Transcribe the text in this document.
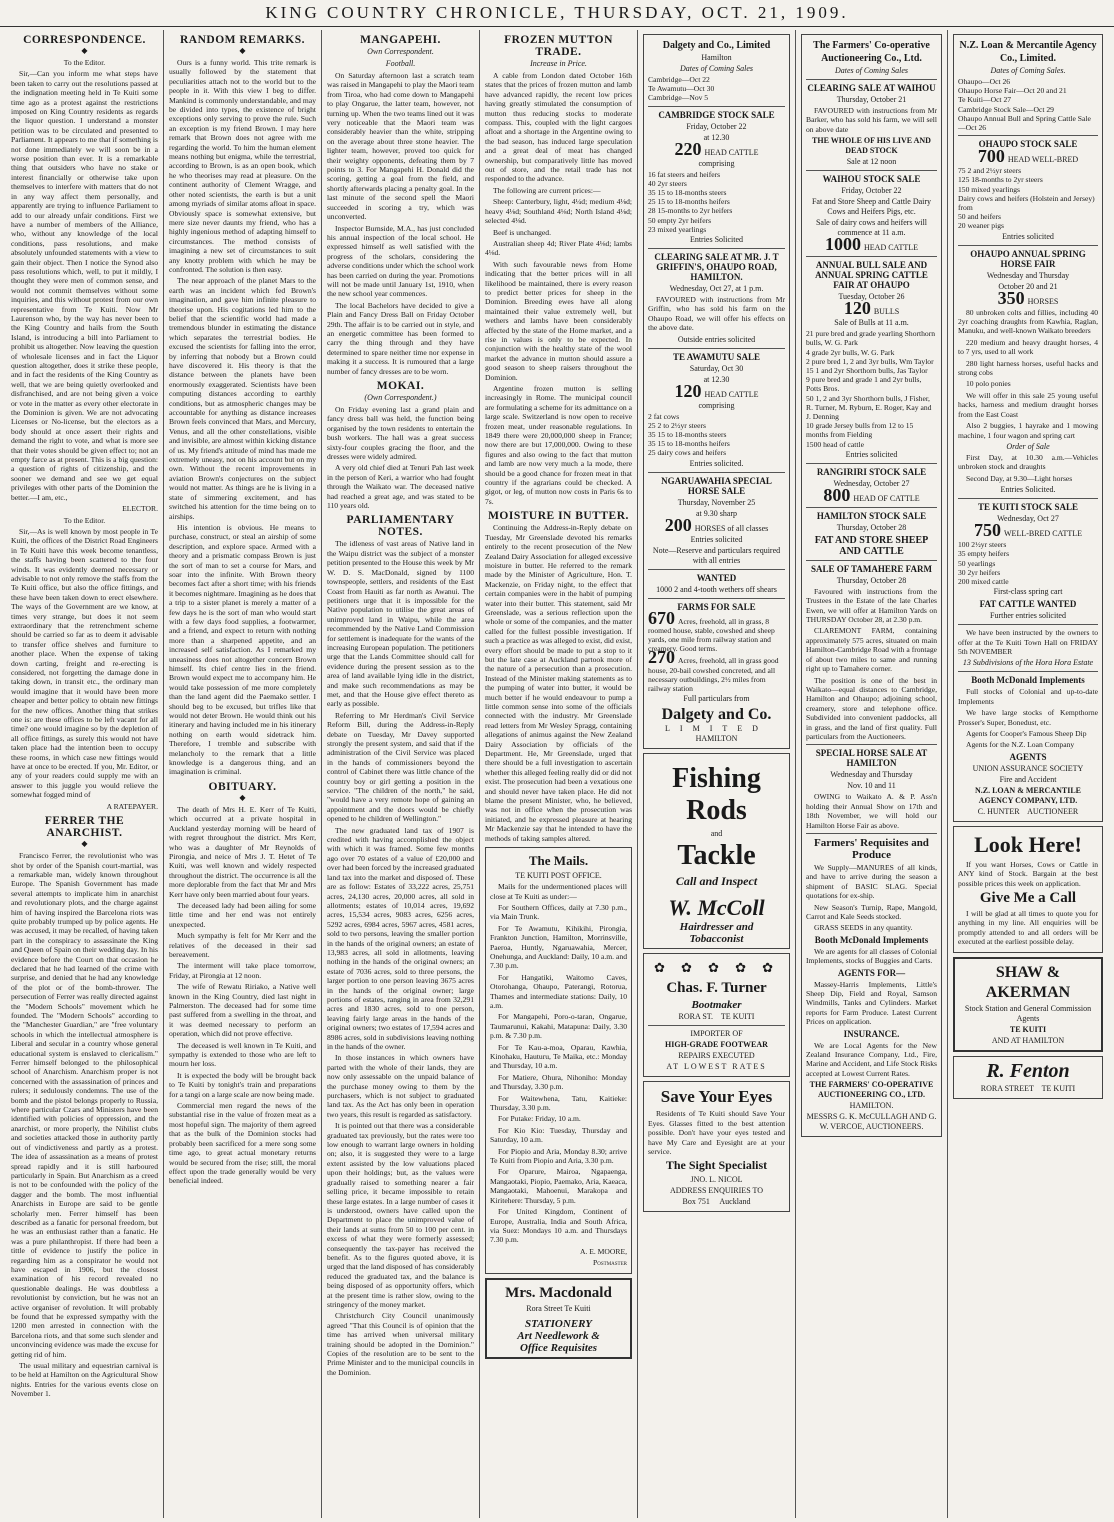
KING COUNTRY CHRONICLE, THURSDAY, OCT. 21, 1909.
CORRESPONDENCE.
◆

To the Editor.

Sir,—Can you inform me what steps have been taken to carry out the resolutions passed at the indignation meeting held in Te Kuiti some time ago as a protest against the restrictions imposed on King Country residents as regards the liquor question. I understand a monster petition was to be circulated and presented to Parliament. It appears to me that if something is not done immediately we will soon be in a worse position than ever. It is a remarkable thing that outsiders who have no stake or interest financially or otherwise take upon themselves to interfere with matters that do not in any way affect them personally, and apparently are trying to influence Parliament to add to our already unfair conditions. First we have a number of members of the Alliance, who, without any knowledge of the local conditions, pass resolutions, and make absolutely unfounded statements with a view to gain their object. Then I notice the Synod also pass resolutions which, well, to put it mildly, I thought they were men of common sense, and would not commit themselves without some inquiries, and this without protest from our own representative from Te Kuiti. Now Mr Laurenson who, by the way has never been to the King Country and hails from the South Island, is introducing a bill into Parliament to prohibit us altogether. Now leaving the question of wholesale licenses and in fact the Liquor question altogether, does it strike these people, and in fact the residents of the King Country as well, that we are being quietly overlooked and disfranchised, and are not being given a voice or vote in the matter as every other electorate in the Dominion is given. We are not advocating Licenses or No-license, but the electors as a body should at once assert their rights and demand the right to vote, and what is more see that their votes should be given effect to; not an empty farce as at present. This is a big question: a question of rights of citizenship, and the sooner we demand and see we get equal privileges with other parts of the Dominion the better.—I am, etc.,

ELECTOR.

To the Editor.

Sir,—As is well known by most people in Te Kuiti, the offices of the District Road Engineers in Te Kuiti have this week become tenantless, the staffs having been scattered to the four winds. It was evidently deemed necessary or advisable to not only remove the staffs from the Te Kuiti office, but also the office fittings, and these have been taken down to erect elsewhere. The ways of the Government are we know, at times very strange, but does it not seem extraordinary that the retrenchment scheme should be carried so far as to deem it advisable to transfer office shelves and furniture to another place. When the expense of taking down carting, freight and re-erecting is considered, not forgetting the damage done in taking down, in transit etc., the ordinary man would imagine that it would have been more cheaper and better policy to obtain new fittings for the new offices. Another thing that strikes one is: are these offices to be left vacant for all time? one would imagine so by the depletion of all office fittings, as surely this would not have taken place had the intention been to occupy these rooms, in which case new fittings would have at once to be erected. If you, Mr. Editor, or any of your readers could supply me with an answer to this juggle you would relieve the somewhat fogged mind of

A RATEPAYER.

FERRER THE ANARCHIST.
◆

Francisco Ferrer, the revolutionist who was shot by order of the Spanish court-martial, was a remarkable man, widely known throughout Europe. The Spanish Government has made several attempts to implicate him in anarchist and revolutionary plots, and the charge against him of having inspired the Barcelona riots was quite probably trumped up by police agents. He was accused, it may be recalled, of having taken part in the conspiracy to assassinate the King and Queen of Spain on their wedding day. In his evidence before the Court on that occasion he declared that he had learned of the crime with surprise, and denied that he had any knowledge of the plot or of the bomb-thrower. The persecution of Ferrer was really directed against the "Modern Schools" movement which he founded. The "Modern Schools" according to the "Manchester Guardian," are "free voluntary schools in which the intellectual atmosphere is Liberal and secular in a country whose general educational system is enslaved to clericalism." Ferrer himself belonged to the philosophical school of Anarchism. Anarchism proper is not concerned with the assassination of princes and rulers; it sedulously condemns. The use of the bomb and the pistol belongs properly to Russia, where particular Czars and Ministers have been identified with policies of oppression, and the anarchist, or more properly, the Nihilist clubs and societies attacked those in authority partly out of vindictiveness and partly as a protest. The idea of assassination as a means of protest spread rapidly and it is still harboured particularly in Spain. But Anarchism as a creed is not to be confounded with the policy of the dagger and the bomb. The most influential Anarchists in Europe are said to be gentle scholarly men. Ferrer himself has been described as a fanatic for personal freedom, but he was an enthusiast rather than a fanatic. He was a pure philanthropist. If there had been a tittle of evidence to justify the police in regarding him as a conspirator he would not have escaped in 1906, but the closest examination of his record revealed no questionable dealings. He was doubtless a revolutionist by conviction, but he was not an active organiser of revolution. It will probably be found that he expressed sympathy with the 1200 men arrested in connection with the Barcelona riots, and that some such slender and unconvincing evidence was made the excuse for getting rid of him.

The usual military and equestrian carnival is to be held at Hamilton on the Agricultural Show nights. Entries for the various events close on November 1.

RANDOM REMARKS.
◆

Ours is a funny world. This trite remark is usually followed by the statement that peculiarities attach not to the world but to the people in it. With this view I beg to differ. Mankind is commonly understandable, and may be divided into types, the existence of bright exceptions only serving to prove the rule. Such an exception is my friend Brown. I may here remark that Brown does not agree with me regarding the world. To him the human element means nothing but enigma, while the terrestrial, according to Brown, is as an open book, which he who theorises may read at pleasure. On the continent authority of Clement Wragge, and other noted scientists, the earth is but a unit among myriads of similar atoms afloat in space. Obviously space is somewhat extensive, but mere size never daunts my friend, who has a highly ingenious method of adapting himself to circumstances. The method consists of imagining a new set of circumstances to suit any knotty problem with which he may be confronted. The solution is then easy.

The near approach of the planet Mars to the earth was an incident which fed Brown's imagination, and gave him infinite pleasure to theorise upon. His cogitations led him to the belief that the scientific world had made a tremendous blunder in estimating the distance which separates the terrestrial bodies. He excused the scientists for falling into the error, by inferring that nobody but a Brown could have discovered it. His theory is that the distance between the planets have been enormously exaggerated. Scientists have been computing distances according to earthly conditions, but as atmospheric changes may be accountable for anything as distance increases Brown feels convinced that Mars, and Mercury, Venus, and all the other constellations, visible and invisible, are almost within kicking distance of us. My friend's attitude of mind has made me extremely uneasy, not on his account but on my own. Without the recent improvements in aviation Brown's conjectures on the subject would not matter. As things are he is living in a state of simmering excitement, and has switched his attention for the time being on to airships.

His intention is obvious. He means to purchase, construct, or steal an airship of some description, and explore space. Armed with a theory and a prismatic compass Brown is just the sort of man to set a course for Mars, and soar into the infinite. With Brown theory becomes fact after a short time; with his friends it becomes nightmare. Imagining as he does that a trip to a sister planet is merely a matter of a few days he is the sort of man who would start with a few days food supplies, a footwarmer, and a friend, and expect to return with nothing more than a sharpened appetite, and an increased self satisfaction. As I remarked my uneasiness does not altogether concern Brown himself. Its chief centre lies in the friend. Brown would expect me to accompany him. He would take possession of me more completely than the land agent did the Paemako settler. I should beg to be excused, but trifles like that would not deter Brown. He would think out his itinerary and having included me in his itinerary nothing on earth would sidetrack him. Therefore, I tremble and subscribe with melancholy to the remark that a little knowledge is a dangerous thing, and an imagination is criminal.

OBITUARY.
◆

The death of Mrs H. E. Kerr of Te Kuiti, which occurred at a private hospital in Auckland yesterday morning will be heard of with regret throughout the district. Mrs Kerr, who was a daughter of Mr Reynolds of Pirongia, and neice of Mrs J. T. Hetet of Te Kuiti, was well known and widely respected throughout the district. The occurrence is all the more deplorable from the fact that Mr and Mrs Kerr have only been married about four years.

The deceased lady had been ailing for some little time and her end was not entirely unexpected.

Much sympathy is felt for Mr Kerr and the relatives of the deceased in their sad bereavement.

The interment will take place tomorrow, Friday, at Pirongia at 12 noon.

The wife of Rewatu Ririako, a Native well known in the King Country, died last night in Palmerston. The deceased had for some time past suffered from a swelling in the throat, and it was deemed necessary to perform an operation, which did not prove effective.

The deceased is well known in Te Kuiti, and sympathy is extended to those who are left to mourn her loss.

It is expected the body will be brought back to Te Kuiti by tonight's train and preparations for a tangi on a large scale are now being made.

Commercial men regard the news of the substantial rise in the value of frozen meat as a most hopeful sign. The majority of them agreed that as the bulk of the Dominion stocks had probably been sacrificed for a mere song some time ago, to great actual monetary returns would be secured from the rise; still, the moral effect upon the trade generally would be very beneficial indeed.

MANGAPEHI.
Own Correspondent.
Football.

On Saturday afternoon last a scratch team was raised in Mangapehi to play the Maori team from Tiroa, who had come down to Mangapehi to play Ongarue, the latter team, however, not turning up. When the two teams lined out it was very noticeable that the Maori team was considerably heavier than the white, stripping on the average about three stone heavier. The lighter team, however, proved too quick for their weighty opponents, defeating them by 7 points to 3. For Mangapehi H. Donald did the scoring, getting a goal from the field, and shortly afterwards placing a penalty goal. In the last minute of the second spell the Maori succeeded in scoring a try, which was unconverted.

Inspector Burnside, M.A., has just concluded his annual inspection of the local school. He expressed himself as well satisfied with the progress of the scholars, considering the adverse conditions under which the school work has been carried on during the year. Promotions will not be made until January 1st, 1910, when the new school year commences.

The local Bachelors have decided to give a Plain and Fancy Dress Ball on Friday October 29th. The affair is to be carried out in style, and an energetic committee has been formed to carry the thing through and they have determined to spare neither time nor expense in making it a success. It is rumoured that a large number of fancy dresses are to be worn.

MOKAI.
(Own Correspondent.)

On Friday evening last a grand plain and fancy dress ball was held, the function being organised by the town residents to entertain the bush workers. The hall was a great success sixty-four couples gracing the floor, and the dresses were widely admired.

A very old chief died at Tenuri Pah last week in the person of Keri, a warrior who had fought through the Waikato war. The deceased native had reached a great age, and was stated to be 110 years old.

PARLIAMENTARY NOTES.

The idleness of vast areas of Native land in the Waipu district was the subject of a monster petition presented to the House this week by Mr W. D. S. MacDonald, signed by 1100 townspeople, settlers, and residents of the East Coast from Hauiti as far north as Awanui. The petitioners urge that it is impossible for the Native population to utilise the great areas of unimproved land in Waipu, while the area recommended by the Native Land Commission for settlement is inadequate for the wants of the increasing European population. The petitioners urge that the Lands Committee should call for evidence during the present session as to the area of land available lying idle in the district, and make such recommendations as may be met, and that the House give effect thereto as early as possible.

Referring to Mr Herdman's Civil Service Reform Bill, during the Address-in-Reply debate on Tuesday, Mr Davey supported strongly the present system, and said that if the administration of the Civil Service was placed in the hands of commissioners beyond the control of Cabinet there was little chance of the country boy or girl getting a position in the service. "The children of the north," he said, "would have a very remote hope of gaining an appointment and the doors would be chiefly opened to he children of Wellington."

The new graduated land tax of 1907 is credited with having accomplished the object with which it was framed. Some few months ago over 70 estates of a value of £20,000 and over had been forced by the increased graduated land tax into the market and disposed of. These are as follow: Estates of 33,222 acres, 25,751 acres, 24,130 acres, 20,000 acres, all sold in allotments; estates of 10,014 acres, 19,692 acres, 15,534 acres, 9083 acres, 6256 acres, 5292 acres, 6984 acres, 5967 acres, 4581 acres, sold to two persons, leaving the smaller portion in the hands of the original owners; an estate of 13,983 acres, all sold in allotments, leaving nothing in the hands of the original owners; an estate of 7036 acres, sold to three persons, the larger portion to one person leaving 3675 acres in the hands of the original owner; large portions of estates, ranging in area from 32,291 acres and 1830 acres, sold to one person, leaving fairly large areas in the hands of the original owners; two estates of 17,594 acres and 8986 acres, sold in subdivisions leaving nothing in the hands of the owner.

In those instances in which owners have parted with the whole of their lands, they are now only assessable on the unpaid balance of the purchase money owing to them by the purchasers, which is not subject to graduated land tax. As the Act has only been in operation two years, this result is regarded as satisfactory.

It is pointed out that there was a considerable graduated tax previously, but the rates were too low enough to warrant large owners in holding on; also, it is suggested they were to a large extent assisted by the low valuations placed upon their holdings; but, as the values were gradually raised to something nearer a fair selling price, it became impossible to retain these large estates. In a large number of cases it is understood, owners have called upon the Department to place the unimproved value of their lands at sums from 50 to 100 per cent. in excess of what they were formerly assessed; consequently the tax-payer has received the benefit. As to the figures quoted above, it is urged that the land disposed of has considerably reduced the graduated tax, and the balance is being disposed of as opportunity offers, which at the present time is rather slow, owing to the stringency of the money market.

Christchurch City Council unanimously agreed "That this Council is of opinion that the time has arrived when universal military training should be adopted in the Dominion." Copies of the resolution are to be sent to the Prime Minister and to the municipal councils in the Dominion.

FROZEN MUTTON TRADE.
Increase in Price.

A cable from London dated October 16th states that the prices of frozen mutton and lamb have advanced rapidly, the recent low prices having greatly stimulated the consumption of mutton thus reducing stocks to moderate compass. This, coupled with the light cargoes afloat and a shortage in the Argentine owing to the bad season, has induced large speculation and a great deal of meat has changed ownership, but comparatively little has moved out of store, and the retail trade has not responded to the advance.

The following are current prices:—

Sheep: Canterbury, light, 4¼d; medium 4⅛d; heavy 4⅛d; Southland 4⅛d; North Island 4⅛d; selected 4⅛d.

Beef is unchanged.

Australian sheep 4d; River Plate 4⅛d; lambs 4⅛d.

With such favourable news from Home indicating that the better prices will in all likelihood be maintained, there is every reason to predict better prices for sheep in the Dominion. Breeding ewes have all along maintained their value extremely well, but wethers and lambs have been considerably affected by the state of the Home market, and a rise in values is only to be expected. In conjunction with the healthy state of the wool market the advance in mutton should assure a good season to sheep raisers throughout the Dominion.

Argentine frozen mutton is selling increasingly in Rome. The municipal council are formulating a scheme for its admittance on a large scale. Switzerland is now open to receive frozen meat, under reasonable regulations. In 1849 there were 20,000,000 sheep in France; now there are but 17,000,000. Owing to these figures and also owing to the fact that mutton and lamb are now very much a la mode, there should be a good chance for frozen meat in that country if the agrarians could be checked. A gigot, or leg, of mutton now costs in Paris 6s to 7s.

MOISTURE IN BUTTER.

Continuing the Address-in-Reply debate on Tuesday, Mr Greenslade devoted his remarks entirely to the recent prosecution of the New Zealand Dairy Association for alleged excessive moisture in butter. He referred to the remark made by the Minister of Agriculture, Hon. T. Mackenzie, on Friday night, to the effect that certain companies were in the habit of pumping water into their butter. This statement, said Mr Greenslade, was a serious reflection upon the whole or some of the companies, and the matter called for the fullest possible investigation. If such a practice as was alleged to exist, did exist, every effort should be made to put a stop to it but the late case at Auckland partook more of the nature of a persecution than a prosecution. Instead of the Minister making statements as to the pumping of water into butter, it would be much better if he would endeavour to pump a little common sense into some of the officials connected with the industry. Mr Greenslade read letters from Mr Wesley Spragg, containing allegations of animus against the New Zealand Dairy Association by officials of the Department. He, Mr Greenslade, urged that there should be a full investigation to ascertain whether this alleged feeling really did or did not exist. The prosecution had been a vexatious one and should never have taken place. He did not blame the present Minister, who, he believed, was not in office when the prosecution was initiated, and he expressed pleasure at hearing Mr Mackenzie say that he intended to have the methods of taking samples altered.

The Mails.
TE KUITI POST OFFICE.

Mails for the undermentioned places will close at Te Kuiti as under:—

For Southern Offices, daily at 7.30 p.m., via Main Trunk.

For Te Awamutu, Kihikihi, Pirongia, Frankton Junction, Hamilton, Morrinsville, Paeroa, Huntly, Ngaruawahia, Mercer, Onehunga, and Auckland: Daily, 10 a.m. and 7.30 p.m.

For Hangatiki, Waitomo Caves, Otorohanga, Ohaupo, Paterangi, Rotorua, Thames and intermediate stations: Daily, 10 a.m.

For Mangapehi, Poro-o-taran, Ongarue, Taumarunui, Kakahi, Matapuna: Daily, 3.30 p.m. & 7.30 p.m.

For Te Kau-a-moa, Oparau, Kawhia, Kinohaku, Hauturu, Te Maika, etc.: Monday and Thursday, 10 a.m.

For Matiere, Ohura, Nihoniho: Monday and Thursday, 3.30 p.m.

For Waitewhena, Tatu, Kaitieke: Thursday, 3.30 p.m.

For Putake: Friday, 10 a.m.

For Kio Kio: Tuesday, Thursday and Saturday, 10 a.m.

For Piopio and Aria, Monday 8.30; arrive Te Kuiti from Piopio and Aria, 3.30 p.m.

For Oparure, Mairoa, Ngapaenga, Mangaotaki, Piopio, Paemako, Aria, Kaeaca, Mangaotaki, Mahoenui, Marakopa and Kiritehere: Thursday, 5 p.m.

For United Kingdom, Continent of Europe, Australia, India and South Africa, via Suez: Mondays 10 a.m. and Thursdays 7.30 p.m.

A. E. MOORE,

Postmaster

Mrs. Macdonald
Rora Street Te Kuiti
STATIONERY
Art Needlework &
Office Requisites
Dalgety and Co., Limited
Hamilton
Dates of Coming Sales
Cambridge—Oct 22
Te Awamutu—Oct 30
Cambridge—Nov 5
CAMBRIDGE STOCK SALE
Friday, October 22
at 12.30
220 HEAD CATTLE
comprising
16 fat steers and heifers
40 2yr steers
35 15 to 18-months steers
25 15 to 18-months heifers
28 15-months to 2yr heifers
50 empty 2yr heifers
23 mixed yearlings
Entries Solicited
CLEARING SALE AT MR. J. T GRIFFIN'S, OHAUPO ROAD, HAMILTON.
Wednesday, Oct 27, at 1 p.m.

FAVOURED with instructions from Mr Griffin, who has sold his farm on the Ohaupo Road, we will offer his effects on the above date.

Outside entries solicited
TE AWAMUTU SALE
Saturday, Oct 30
at 12.30
120 HEAD CATTLE
comprising
2 fat cows
25 2 to 2½yr steers
35 15 to 18-months steers
35 15 to 18-months heifers
25 dairy cows and heifers
Entries solicited.
NGARUAWAHIA SPECIAL HORSE SALE
Thursday, November 25
at 9.30 sharp
200 HORSES of all classes
Entries solicited
Note—Reserve and particulars required with all entries
WANTED
1000 2 and 4-tooth wethers off shears
FARMS FOR SALE
670 Acres, freehold, all in grass, 8 roomed house, stable, cowshed and sheep yards, one mile from railway station and creamery. Good terms.
270 Acres, freehold, all in grass good house, 20-bail cowshed concreted, and all necessary outbuildings, 2½ miles from railway station
Full particulars from
Dalgety and Co.
LIMITED
HAMILTON
Fishing Rods
and
Tackle
Call and Inspect
W. McColl
Hairdresser and
Tobacconist
✿ ✿ ✿ ✿ ✿
Chas. F. Turner
Bootmaker
RORA ST. TE KUITI
IMPORTER OF
HIGH-GRADE FOOTWEAR
REPAIRS EXECUTED
AT LOWEST RATES
Save Your Eyes

Residents of Te Kuiti should Save Your Eyes. Glasses fitted to the best attention possible. Don't have your eyes tested and have My Care and Eyesight are at your service.

The Sight Specialist
JNO. L. NICOL
ADDRESS ENQUIRIES TO
Box 751 Auckland
The Farmers' Co-operative
Auctioneering Co., Ltd.
Dates of Coming Sales
CLEARING SALE AT WAIHOU
Thursday, October 21

FAVOURED with instructions from Mr Barker, who has sold his farm, we will sell on above date

THE WHOLE OF HIS LIVE AND DEAD STOCK
Sale at 12 noon
WAIHOU STOCK SALE
Friday, October 22
Fat and Store Sheep and Cattle Dairy Cows and Heifers Pigs, etc.
Sale of dairy cows and heifers will commence at 11 a.m.
1000 HEAD CATTLE
ANNUAL BULL SALE AND ANNUAL SPRING CATTLE FAIR AT OHAUPO
Tuesday, October 26
120 BULLS
Sale of Bulls at 11 a.m.
21 pure bred and grade yearling Shorthorn bulls, W. G. Park
4 grade 2yr bulls, W. G. Park
2 pure bred 1, 2 and 3yr bulls, Wm Taylor
15 1 and 2yr Shorthorn bulls, Jas Taylor
9 pure bred and grade 1 and 2yr bulls, Potts Bros.
50 1, 2 and 3yr Shorthorn bulls, J Fisher, R. Turner, M. Ryburn, E. Roger, Kay and J. Denning
10 grade Jersey bulls from 12 to 15 months from Fielding
1500 head of cattle
Entries solicited
RANGIRIRI STOCK SALE
Wednesday, October 27
800 HEAD OF CATTLE
HAMILTON STOCK SALE
Thursday, October 28
FAT AND STORE SHEEP AND CATTLE
SALE OF TAMAHERE FARM
Thursday, October 28

Favoured with instructions from the Trustees in the Estate of the late Charles Ewen, we will offer at Hamilton Yards on THURSDAY October 28, at 2.30 p.m.

CLAREMONT FARM, containing approximately 575 acres, situated on main Hamilton-Cambridge Road with a frontage of about two miles to same and running right up to Tamahere corner.

The position is one of the best in Waikato—equal distances to Cambridge, Hamilton and Ohaupo; adjoining school, creamery, store and telephone office. Subdivided into convenient paddocks, all in grass, and the land of first quality. Full particulars from the Auctioneers.

SPECIAL HORSE SALE AT HAMILTON
Wednesday and Thursday
Nov. 10 and 11

OWING to Waikato A. & P. Ass'n holding their Annual Show on 17th and 18th November, we will hold our Hamilton Horse Fair as above.

Farmers' Requisites and Produce

We Supply—MANURES of all kinds, and have to arrive during the season a shipment of BASIC SLAG. Special quotations for ex-ship.

New Season's Turnip, Rape, Mangold, Carrot and Kale Seeds stocked.

GRASS SEEDS in any quantity.

Booth McDonald Implements

We are agents for all classes of Colonial Implements, stocks of Buggies and Carts.

AGENTS FOR—

Massey-Harris Implements, Little's Sheep Dip, Field and Royal, Samson Windmills, Tanks and Cylinders. Market reports for Farm Produce. Latest Current Prices on application.

INSURANCE.

We are Local Agents for the New Zealand Insurance Company, Ltd., Fire, Marine and Accident, and Life Stock Risks accepted at Lowest Current Rates.

THE FARMERS' CO-OPERATIVE AUCTIONEERING CO., LTD.
HAMILTON.
MESSRS G. K. McCULLAGH AND G. W. VERCOE, AUCTIONEERS.
N.Z. Loan & Mercantile Agency
Co., Limited.
Dates of Coming Sales.
Ohaupo—Oct 26
Ohaupo Horse Fair—Oct 20 and 21
Te Kuiti—Oct 27
Cambridge Stock Sale—Oct 29
Ohaupo Annual Bull and Spring Cattle Sale—Oct 26
OHAUPO STOCK SALE
700 HEAD WELL-BRED
75 2 and 2½yr steers
125 18-months to 2yr steers
150 mixed yearlings
Dairy cows and heifers (Holstein and Jersey) from
50 and heifers
20 weaner pigs
Entries solicited
OHAUPO ANNUAL SPRING HORSE FAIR
Wednesday and Thursday
October 20 and 21
350 HORSES

80 unbroken colts and fillies, including 40 2yr coaching draughts from Kawhia, Raglan, Manuku, and well-known Waikato breeders

220 medium and heavy draught horses, 4 to 7 yrs, used to all work

280 light harness horses, useful hacks and strong cobs

10 polo ponies

We will offer in this sale 25 young useful hacks, harness and medium draught horses from the East Coast

Also 2 buggies, 1 hayrake and 1 mowing machine, 1 four wagon and spring cart

Order of Sale

First Day, at 10.30 a.m.—Vehicles unbroken stock and draughts

Second Day, at 9.30—Light horses

Entries Solicited.
TE KUITI STOCK SALE
Wednesday, Oct 27
750 WELL-BRED CATTLE
100 2½yr steers
35 empty heifers
50 yearlings
30 2yr heifers
200 mixed cattle
First-class spring cart
FAT CATTLE WANTED
Further entries solicited

We have been instructed by the owners to offer at the Te Kuiti Town Hall on FRIDAY 5th NOVEMBER

13 Subdivisions of the Hora Hora Estate
Booth McDonald Implements

Full stocks of Colonial and up-to-date Implements

We have large stocks of Kempthorne Prosser's Super, Bonedust, etc.

Agents for Cooper's Famous Sheep Dip

Agents for the N.Z. Loan Company

AGENTS
UNION ASSURANCE SOCIETY
Fire and Accident
N.Z. LOAN & MERCANTILE AGENCY COMPANY, LTD.
C. HUNTER AUCTIONEER
Look Here!

If you want Horses, Cows or Cattle in ANY kind of Stock. Bargain at the best possible prices this week on application.

Give Me a Call

I will be glad at all times to quote you for anything in my line. All enquiries will be promptly attended to and all orders will be executed at the earliest possible delay.

SHAW &
AKERMAN
Stock Station and General Commission Agents
TE KUITI
AND AT HAMILTON
R. Fenton
RORA STREET TE KUITI
